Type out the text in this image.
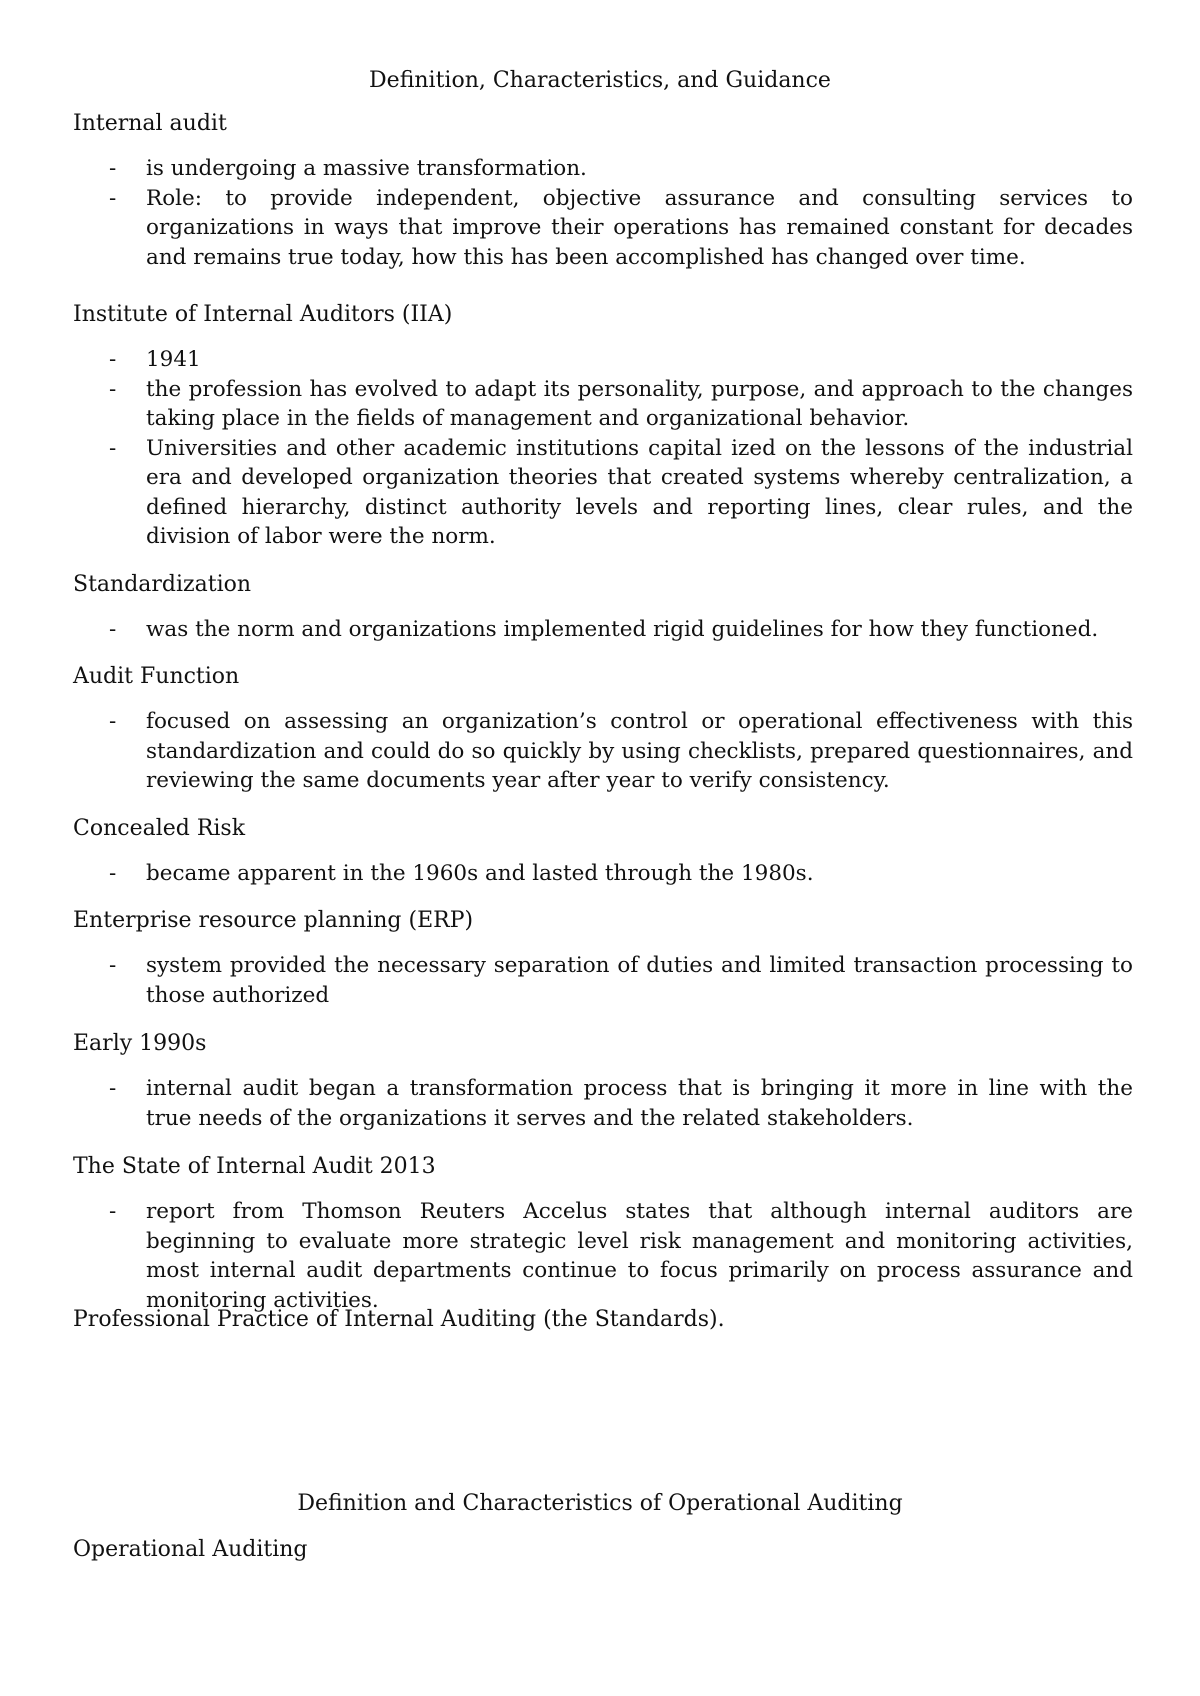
Definition, Characteristics, and Guidance

Internal audit

- is undergoing a massive transformation.
- Role: to provide independent, objective assurance and consulting services to organizations in ways that improve their operations has remained constant for decades and remains true today, how this has been accomplished has changed over time.

Institute of Internal Auditors (IIA)

- 1941
- the profession has evolved to adapt its personality, purpose, and approach to the changes taking place in the fields of management and organizational behavior.
- Universities and other academic institutions capital ized on the lessons of the industrial era and developed organization theories that created systems whereby centralization, a defined hierarchy, distinct authority levels and reporting lines, clear rules, and the division of labor were the norm.

Standardization

- was the norm and organizations implemented rigid guidelines for how they functioned.

Audit Function

- focused on assessing an organization’s control or operational effectiveness with this standardization and could do so quickly by using checklists, prepared questionnaires, and reviewing the same documents year after year to verify consistency.

Concealed Risk

- became apparent in the 1960s and lasted through the 1980s.

Enterprise resource planning (ERP)

- system provided the necessary separation of duties and limited transaction processing to those authorized

Early 1990s

- internal audit began a transformation process that is bringing it more in line with the true needs of the organizations it serves and the related stakeholders.

The State of Internal Audit 2013

- report from Thomson Reuters Accelus states that although internal auditors are beginning to evaluate more strategic level risk management and monitoring activities, most internal audit departments continue to focus primarily on process assurance and monitoring activities.

Professional Practice of Internal Auditing (the Standards).

Definition and Characteristics of Operational Auditing

Operational Auditing
